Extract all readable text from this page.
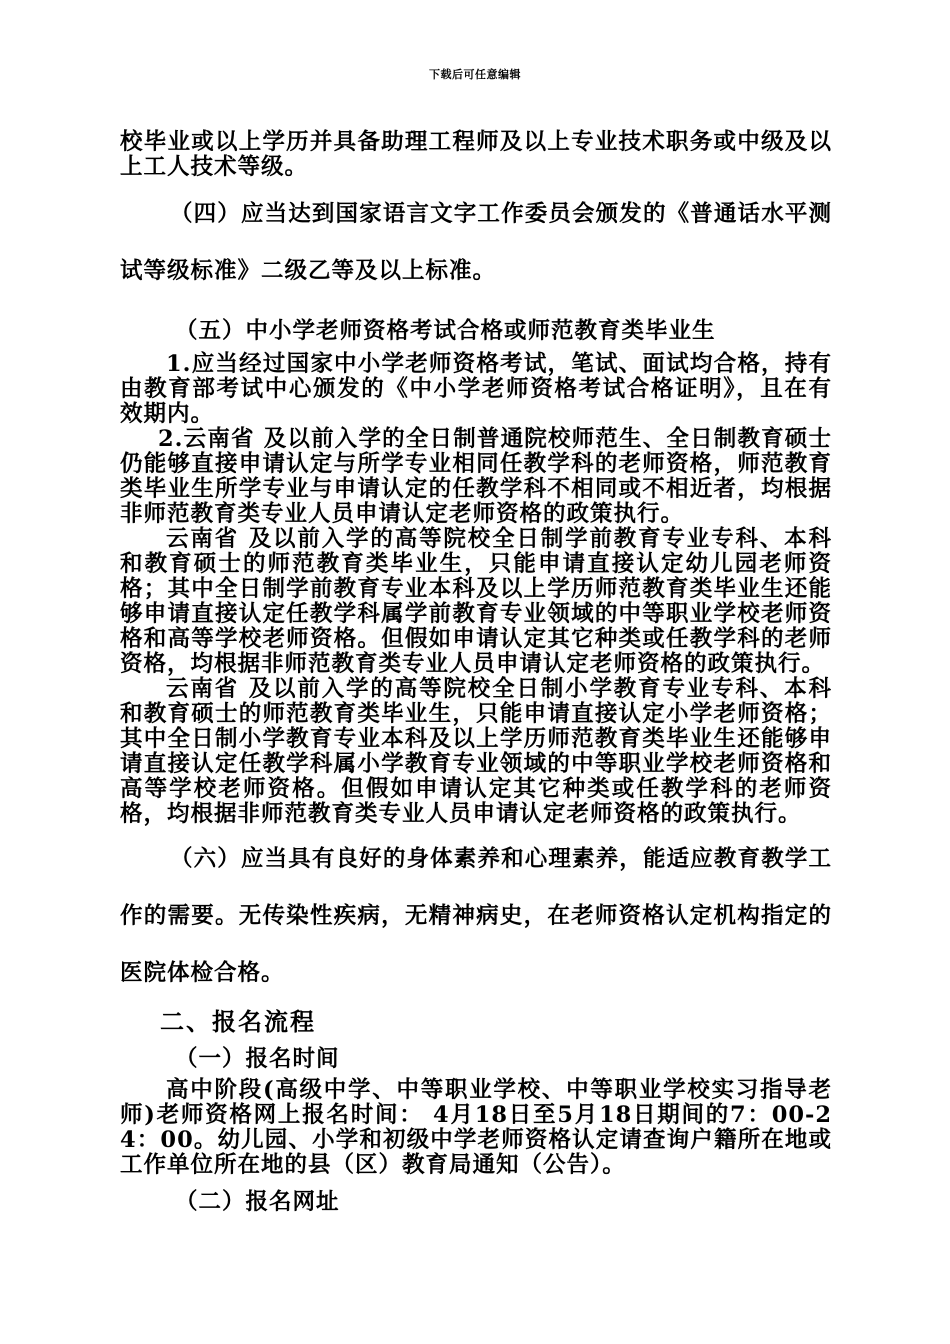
下载后可任意编辑

校毕业或以上学历并具备助理工程师及以上专业技术职务或中级及以上工人技术等级。

（四）应当达到国家语言文字工作委员会颁发的《普通话水平测试等级标准》二级乙等及以上标准。

（五）中小学老师资格考试合格或师范教育类毕业生

1.应当经过国家中小学老师资格考试，笔试、面试均合格，持有由教育部考试中心颁发的《中小学老师资格考试合格证明》，且在有效期内。

2.云南省 及以前入学的全日制普通院校师范生、全日制教育硕士仍能够直接申请认定与所学专业相同任教学科的老师资格，师范教育类毕业生所学专业与申请认定的任教学科不相同或不相近者，均根据非师范教育类专业人员申请认定老师资格的政策执行。

云南省 及以前入学的高等院校全日制学前教育专业专科、本科和教育硕士的师范教育类毕业生，只能申请直接认定幼儿园老师资格；其中全日制学前教育专业本科及以上学历师范教育类毕业生还能够申请直接认定任教学科属学前教育专业领域的中等职业学校老师资格和高等学校老师资格。但假如申请认定其它种类或任教学科的老师资格，均根据非师范教育类专业人员申请认定老师资格的政策执行。

云南省 及以前入学的高等院校全日制小学教育专业专科、本科和教育硕士的师范教育类毕业生，只能申请直接认定小学老师资格；其中全日制小学教育专业本科及以上学历师范教育类毕业生还能够申请直接认定任教学科属小学教育专业领域的中等职业学校老师资格和高等学校老师资格。但假如申请认定其它种类或任教学科的老师资格，均根据非师范教育类专业人员申请认定老师资格的政策执行。

（六）应当具有良好的身体素养和心理素养，能适应教育教学工作的需要。无传染性疾病，无精神病史，在老师资格认定机构指定的医院体检合格。

二、报名流程

（一）报名时间

高中阶段(高级中学、中等职业学校、中等职业学校实习指导老师)老师资格网上报名时间： 4月18日至5月18日期间的7：00-24：00。幼儿园、小学和初级中学老师资格认定请查询户籍所在地或工作单位所在地的县（区）教育局通知（公告）。

（二）报名网址
